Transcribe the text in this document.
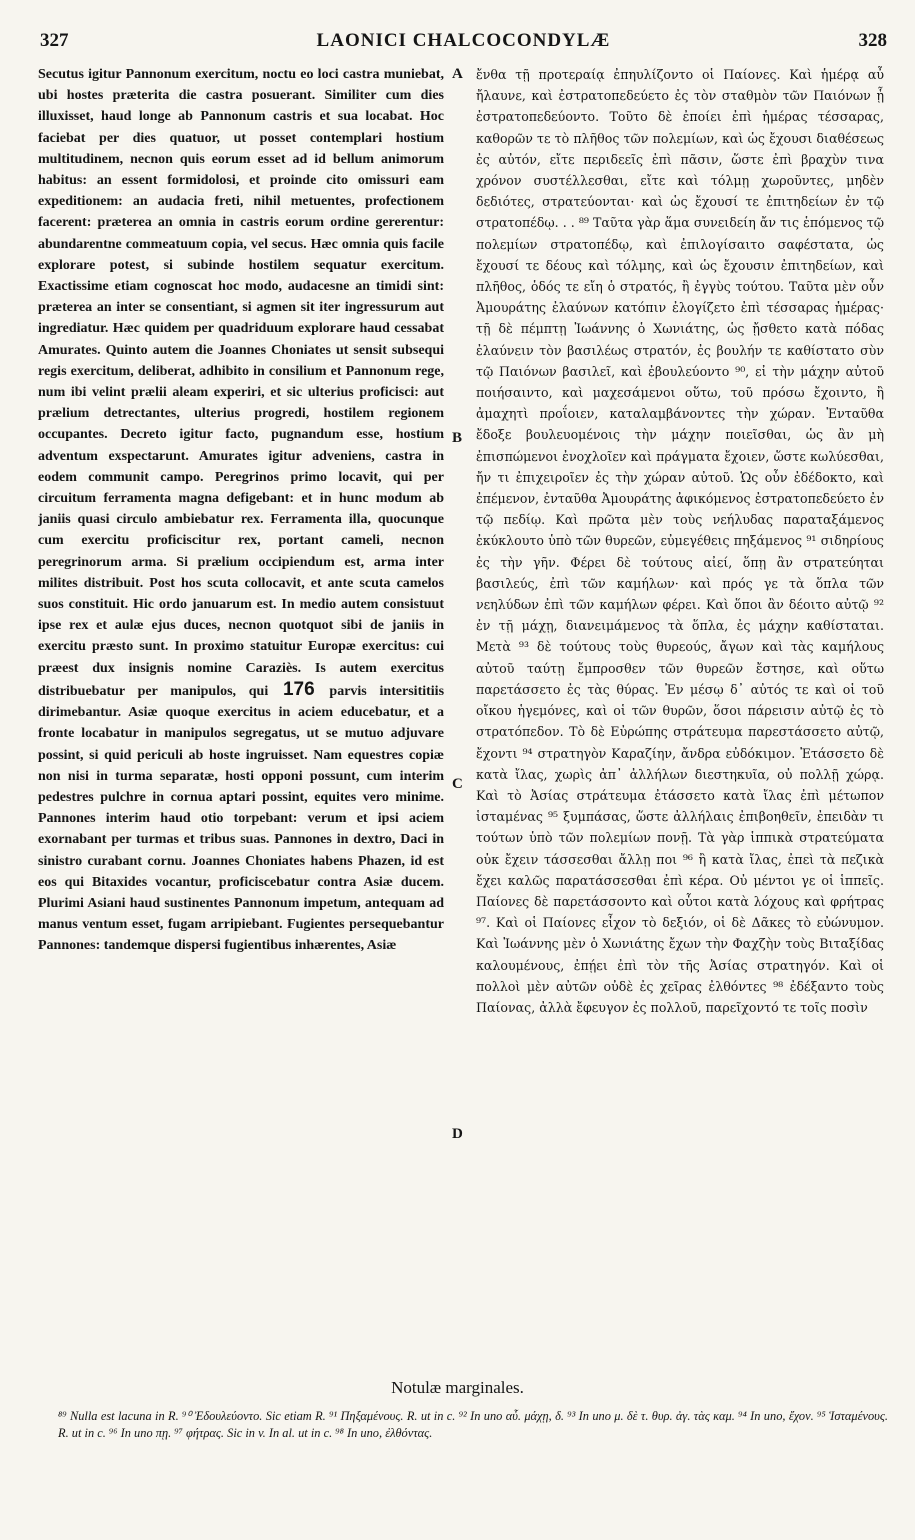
327	LAONICI CHALCOCONDYLÆ	328

Secutus igitur Pannonum exercitum, noctu eo loci castra muniebat, ubi hostes præterita die castra posuerant. Similiter cum dies illuxisset, haud longe ab Pannonum castris et sua locabat. Hoc faciebat per dies quatuor, ut posset contemplari hostium multitudinem, necnon quis eorum esset ad id bellum animorum habitus: an essent formidolosi, et proinde cito omissuri eam expeditionem: an audacia freti, nihil metuentes, profectionem facerent: præterea an omnia in castris eorum ordine gererentur: abundarentne commeatuum copia, vel secus. Hæc omnia quis facile explorare potest, si subinde hostilem sequatur exercitum. Exactissime etiam cognoscat hoc modo, audacesne an timidi sint: præterea an inter se consentiant, si agmen sit iter ingressurum aut ingrediatur. Hæc quidem per quadriduum explorare haud cessabat Amurates. Quinto autem die Joannes Choniates ut sensit subsequi regis exercitum, deliberat, adhibito in consilium et Pannonum rege, num ibi velint prælii aleam experiri, et sic ulterius proficisci: aut prælium detrectantes, ulterius progredi, hostilem regionem occupantes. Decreto igitur facto, pugnandum esse, hostium adventum exspectarunt. Amurates igitur adveniens, castra in eodem communit campo. Peregrinos primo locavit, qui per circuitum ferramenta magna defigebant: et in hunc modum ab janiis quasi circulo ambiebatur rex. Ferramenta illa, quocunque cum exercitu proficiscitur rex, portant cameli, necnon peregrinorum arma. Si prælium occipiendum est, arma inter milites distribuit. Post hos scuta collocavit, et ante scuta camelos suos constituit. Hic ordo januarum est. In medio autem consistuut ipse rex et aulæ ejus duces, necnon quotquot sibi de janiis in exercitu præsto sunt. In proximo statuitur Europæ exercitus: cui præest dux insignis nomine Caraziès. Is autem exercitus distribuebatur per manipulos, qui 176 parvis intersititiis dirimebantur. Asiæ quoque exercitus in aciem educebatur, et a fronte locabatur in manipulos segregatus, ut se mutuo adjuvare possint, si quid periculi ab hoste ingruisset. Nam equestres copiæ non nisi in turma separatæ, hosti opponi possunt, cum interim pedestres pulchre in cornua aptari possint, equites vero minime. Pannones interim haud otio torpebant: verum et ipsi aciem exornabant per turmas et tribus suas. Pannones in dextro, Daci in sinistro curabant cornu. Joannes Choniates habens Phazen, id est eos qui Bitaxides vocantur, proficiscebatur contra Asiæ ducem. Plurimi Asiani haud sustinentes Pannonum impetum, antequam ad manus ventum esset, fugam arripiebant. Fugientes persequebantur Pannones: tandemque dispersi fugientibus inhærentes, Asiæ

A
B
C
D

ἔνθα τῇ προτεραίᾳ ἐπηυλίζοντο οἱ Παίονες. Καὶ ἡμέρᾳ αὖ ἤλαυνε, καὶ ἐστρατοπεδεύετο ἐς τὸν σταθμὸν τῶν Παιόνων ᾗ ἐστρατοπεδεύοντο. Τοῦτο δὲ ἐποίει ἐπὶ ἡμέρας τέσσαρας, καθορῶν τε τὸ πλῆθος τῶν πολεμίων, καὶ ὡς ἔχουσι διαθέσεως ἐς αὐτόν, εἴτε περιδεεῖς ἐπὶ πᾶσιν, ὥστε ἐπὶ βραχὺν τινα χρόνον συστέλλεσθαι, εἴτε καὶ τόλμῃ χωροῦντες, μηδὲν δεδιότες, στρατεύονται· καὶ ὡς ἔχουσί τε ἐπιτηδείων ἐν τῷ στρατοπέδῳ. . . ⁸⁹ Ταῦτα γὰρ ἅμα συνειδείη ἄν τις ἑπόμενος τῷ πολεμίων στρατοπέδῳ, καὶ ἐπιλογίσαιτο σαφέστατα, ὡς ἔχουσί τε δέους καὶ τόλμης, καὶ ὡς ἔχουσιν ἐπιτηδείων, καὶ πλῆθος, ὁδός τε εἴη ὁ στρατός, ἢ ἐγγὺς τούτου. Ταῦτα μὲν οὖν Ἀμουράτης ἐλαύνων κατόπιν ἐλογίζετο ἐπὶ τέσσαρας ἡμέρας· τῇ δὲ πέμπτῃ Ἰωάννης ὁ Χωνιάτης, ὡς ᾔσθετο κατὰ πόδας ἐλαύνειν τὸν βασιλέως στρατόν, ἐς βουλήν τε καθίστατο σὺν τῷ Παιόνων βασιλεῖ, καὶ ἐβουλεύοντο ⁹⁰, εἰ τὴν μάχην αὐτοῦ ποιήσαιντο, καὶ μαχεσάμενοι οὕτω, τοῦ πρόσω ἔχοιντο, ἢ ἀμαχητὶ προΐοιεν, καταλαμβάνοντες τὴν χώραν. Ἐνταῦθα ἔδοξε βουλευομένοις τὴν μάχην ποιεῖσθαι, ὡς ἂν μὴ ἐπισπώμενοι ἐνοχλοῖεν καὶ πράγματα ἔχοιεν, ὥστε κωλύεσθαι, ἤν τι ἐπιχειροῖεν ἐς τὴν χώραν αὐτοῦ. Ὡς οὖν ἐδέδοκτο, καὶ ἐπέμενον, ἐνταῦθα Ἀμουράτης ἀφικόμενος ἐστρατοπεδεύετο ἐν τῷ πεδίῳ. Καὶ πρῶτα μὲν τοὺς νεήλυδας παραταξάμενος ἐκύκλουτο ὑπὸ τῶν θυρεῶν, εὐμεγέθεις πηξάμενος ⁹¹ σιδηρίους ἐς τὴν γῆν. Φέρει δὲ τούτους αἰεί, ὅπῃ ἂν στρατεύηται βασιλεύς, ἐπὶ τῶν καμήλων· καὶ πρός γε τὰ ὅπλα τῶν νεηλύδων ἐπὶ τῶν καμήλων φέρει. Καὶ ὅποι ἂν δέοιτο αὐτῷ ⁹² ἐν τῇ μάχῃ, διανειμάμενος τὰ ὅπλα, ἐς μάχην καθίσταται. Μετὰ ⁹³ δὲ τούτους τοὺς θυρεούς, ἄγων καὶ τὰς καμήλους αὐτοῦ ταύτῃ ἔμπροσθεν τῶν θυρεῶν ἔστησε, καὶ οὕτω παρετάσσετο ἐς τὰς θύρας. Ἐν μέσῳ δ᾽ αὐτός τε καὶ οἱ τοῦ οἴκου ἡγεμόνες, καὶ οἱ τῶν θυρῶν, ὅσοι πάρεισιν αὐτῷ ἐς τὸ στρατόπεδον. Τὸ δὲ Εὐρώπης στράτευμα παρεστάσσετο αὐτῷ, ἔχοντι ⁹⁴ στρατηγὸν Καραζίην, ἄνδρα εὐδόκιμον. Ἐτάσσετο δὲ κατὰ ἴλας, χωρὶς ἀπ᾽ ἀλλήλων διεστηκυῖα, οὐ πολλῇ χώρᾳ. Καὶ τὸ Ἀσίας στράτευμα ἐτάσσετο κατὰ ἴλας ἐπὶ μέτωπον ἱσταμένας ⁹⁵ ξυμπάσας, ὥστε ἀλλήλαις ἐπιβοηθεῖν, ἐπειδὰν τι τούτων ὑπὸ τῶν πολεμίων πονῇ. Τὰ γὰρ ἱππικὰ στρατεύματα οὐκ ἔχειν τάσσεσθαι ἄλλῃ ποι ⁹⁶ ἢ κατὰ ἴλας, ἐπεὶ τὰ πεζικὰ ἔχει καλῶς παρατάσσεσθαι ἐπὶ κέρα. Οὐ μέντοι γε οἱ ἱππεῖς. Παίονες δὲ παρετάσσοντο καὶ οὗτοι κατὰ λόχους καὶ φρήτρας ⁹⁷. Καὶ οἱ Παίονες εἶχον τὸ δεξιόν, οἱ δὲ Δᾶκες τὸ εὐώνυμον. Καὶ Ἰωάννης μὲν ὁ Χωνιάτης ἔχων τὴν Φαχζὴν τοὺς Βιταξίδας καλουμένους, ἐπῄει ἐπὶ τὸν τῆς Ἀσίας στρατηγόν. Καὶ οἱ πολλοὶ μὲν αὐτῶν οὐδὲ ἐς χεῖρας ἐλθόντες ⁹⁸ ἐδέξαντο τοὺς Παίονας, ἀλλὰ ἔφευγον ἐς πολλοῦ, παρεῖχοντό τε τοῖς ποσὶν

Notulæ marginales.
⁸⁹ Nulla est lacuna in R. ⁹⁰ Ἐδουλεύοντο. Sic etiam R. ⁹¹ Πηξαμένους. R. ut in c. ⁹² In uno αὖ. μάχῃ, δ. ⁹³ In uno μ. δὲ τ. θυρ. ἀγ. τὰς καμ. ⁹⁴ In uno, ἔχον. ⁹⁵ Ἱσταμένους. R. ut in c. ⁹⁶ In uno πῃ. ⁹⁷ φήτρας. Sic in v. In al. ut in c. ⁹⁸ In uno, ἐλθόντας.
